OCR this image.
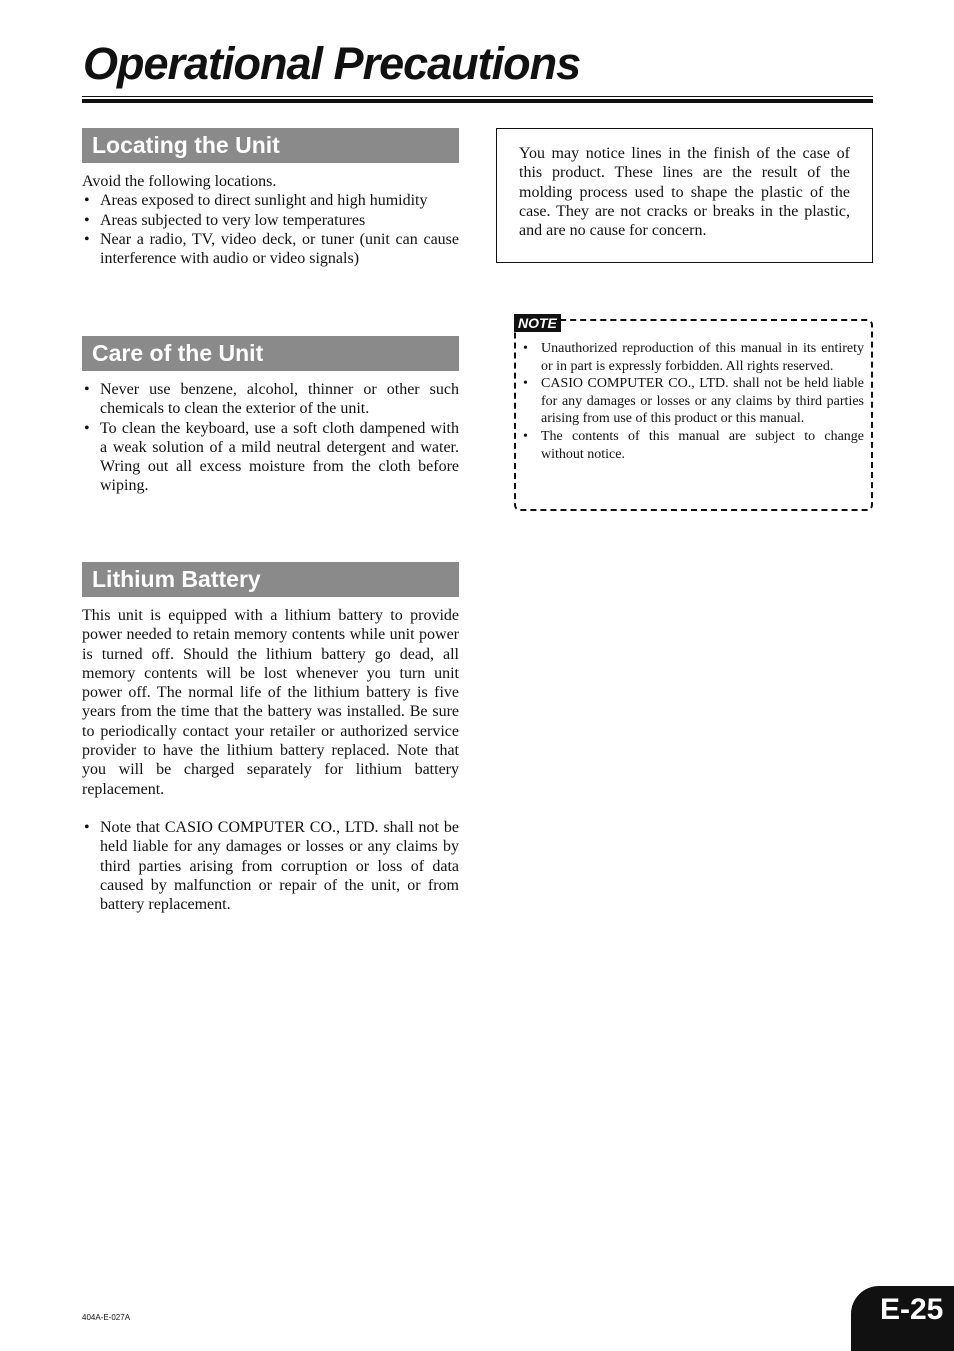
Operational Precautions
Locating the Unit
Avoid the following locations.
• Areas exposed to direct sunlight and high humidity
• Areas subjected to very low temperatures
• Near a radio, TV, video deck, or tuner (unit can cause interference with audio or video signals)
Care of the Unit
• Never use benzene, alcohol, thinner or other such chemicals to clean the exterior of the unit.
• To clean the keyboard, use a soft cloth dampened with a weak solution of a mild neutral detergent and water. Wring out all excess moisture from the cloth before wiping.
Lithium Battery

This unit is equipped with a lithium battery to provide power needed to retain memory contents while unit power is turned off. Should the lithium battery go dead, all memory contents will be lost whenever you turn unit power off. The normal life of the lithium battery is five years from the time that the battery was installed. Be sure to periodically contact your retailer or authorized service provider to have the lithium battery replaced. Note that you will be charged separately for lithium battery replacement.

• Note that CASIO COMPUTER CO., LTD. shall not be held liable for any damages or losses or any claims by third parties arising from corruption or loss of data caused by malfunction or repair of the unit, or from battery replacement.
You may notice lines in the finish of the case of this product. These lines are the result of the molding process used to shape the plastic of the case. They are not cracks or breaks in the plastic, and are no cause for concern.
NOTE
• Unauthorized reproduction of this manual in its entirety or in part is expressly forbidden. All rights reserved.
• CASIO COMPUTER CO., LTD. shall not be held liable for any damages or losses or any claims by third parties arising from use of this product or this manual.
• The contents of this manual are subject to change without notice.
404A-E-027A	E-25
